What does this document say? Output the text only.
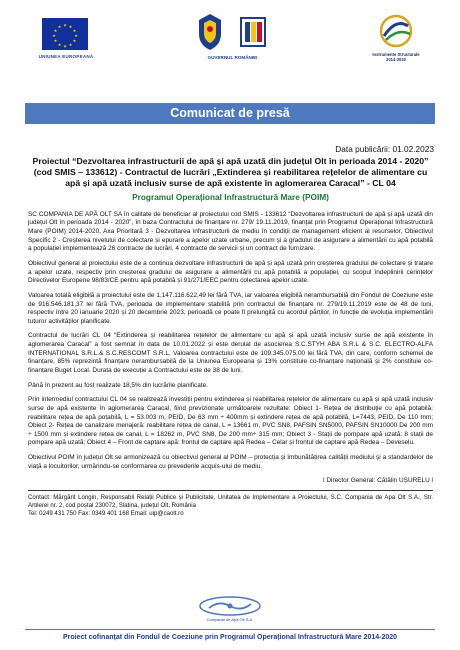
★ ★
★
★
★
★
★
★
★
★
★
★
UNIUNEA EUROPEANĂ	GUVERNUL ROMÂNIEI
Instrumente Structurale
2014-2020
Comunicat de presă
Data publicării: 01.02.2023
Proiectul “Dezvoltarea infrastructurii de apă și apă uzată din județul Olt în perioada 2014 - 2020” (cod SMIS – 133612) - Contractul de lucrări „Extinderea și reabilitarea rețelelor de alimentare cu apă și apă uzată inclusiv surse de apă existente în aglomerarea Caracal” - CL 04
Programul Operațional Infrastructură Mare (POIM)
SC COMPANIA DE APĂ OLT SA în calitate de beneficiar al proiectului cod SMIS - 133612 “Dezvoltarea infrastructurii de apă și apă uzată din județul Olt în perioada 2014 - 2020”, în baza Contractului de finanțare nr. 279/ 19.11.2019, finanțat prin Programul Operațional Infrastructură Mare (POIM) 2014-2020, Axa Prioritară 3 - Dezvoltarea infrastructurii de mediu în condiții de management eficient al resurselor, Obiectivul Specific 2 - Creșterea nivelului de colectare și epurare a apelor uzate urbane, precum și a gradului de asigurare a alimentării cu apă potabilă a populației implementează 26 contracte de lucrări, 4 contracte de servicii și un contract de furnizare.
Obiectivul general al proiectului este de a continua dezvoltare infrastructurii de apă și apă uzată prin creșterea gradului de colectare și tratare a apelor uzate, respectiv prin creșterea gradului de asigurare a alimentării cu apă potabilă a populației, cu scopul îndeplinirii cerințelor Directivelor Europene 98/83/CE pentru apă potabilă și 91/271/EEC pentru colectarea apelor uzate.
Valoarea totală eligibilă a proiectului este de 1.147.116.622,49 lei fără TVA, iar valoarea eligibilă nerambursabilă din Fondul de Coeziune este de 916.546.181,37 lei fără TVA, perioada de implementare stabilită prin contractul de finanțare nr. 279/19.11.2019 este de 48 de luni, respectiv între 20 ianuarie 2020 și 20 decembrie 2023, perioadă ce poate fi prelungită cu acordul părților, în funcție de evoluția implementării tuturor activităților planificate.
Contractul de lucrări CL 04 “Extinderea și reabilitarea rețelelor de alimentare cu apă și apă uzată inclusiv surse de apă existente în aglomerarea Caracal” a fost semnat în data de 10.01.2022 și este derulat de asocierea S.C.STYH ABA S.R.L & S.C. ELECTRO-ALFA INTERNATIONAL S.R.L.& S.C.RESCOMT S.R.L. Valoarea contractului este de 109.345.075,00 lei fără TVA, din care, conform schemei de finanțare, 85% reprezintă finanțare nerambursabilă de la Uniunea Europeana și 13% constituie co-finanțare națională și 2% constituie co-finanțare Buget Local. Durata de execuție a Contractului este de 38 de luni.
Până în prezent au fost realizate 18,5% din lucrările planificate.
Prin intermediul contractului CL 04 se realizează investiții pentru extinderea și reabilitarea rețelelor de alimentare cu apă și apă uzată inclusiv surse de apă existente în aglomerarea Caracal, fiind previzionate următoarele rezultate: Obiect 1- Rețea de distribuție cu apă potabilă: reabilitare rețea de apă potabilă, L = 53.003 m, PEID, De 63 mm ÷ 400mm și extindere rețea de apă potabilă, L=7443, PEID, De 110 mm; Obiect 2- Rețea de canalizare menajeră: reabilitare rețea de canal, L = 13661 m, PVC SN8, PAFSIN SN5000, PAFSIN SN10000 De 200 mm ÷ 1500 mm și extindere rețea de canal, L = 18262 m, PVC SN8, De 200 mm÷ 315 mm; Obiect 3 - Stații de pompare apă uzată: 8 stații de pompare apă uzată; Obiect 4 – Front de captare apă: frontul de captare apă Redea – Celar și frontul de captare apă Redea – Deveselu.
Obiectivul POIM în județul Olt se armonizează cu obiectivul general al POIM – protecția și îmbunătățirea calității mediului și a standardelor de viață a locuitorilor, urmărindu-se conformarea cu prevederile acquis-ului de mediu.
l Director General: Cătălin UȘURELU l
Contact: Mărgărit Longin, Responsabil Relații Publice și Publicitate, Unitatea de Implementare a Proiectului, S.C. Compania de Apa Olt S.A., Str. Artilerei nr. 2, cod poștal 230072, Slatina, județul Olt, România
Tel: 0249 431 750 Fax: 0349 401 168 Email: uip@caolt.ro
Compania de Apă Olt S.A.
Proiect cofinanțat din Fondul de Coeziune prin Programul Operațional Infrastructură Mare 2014-2020
